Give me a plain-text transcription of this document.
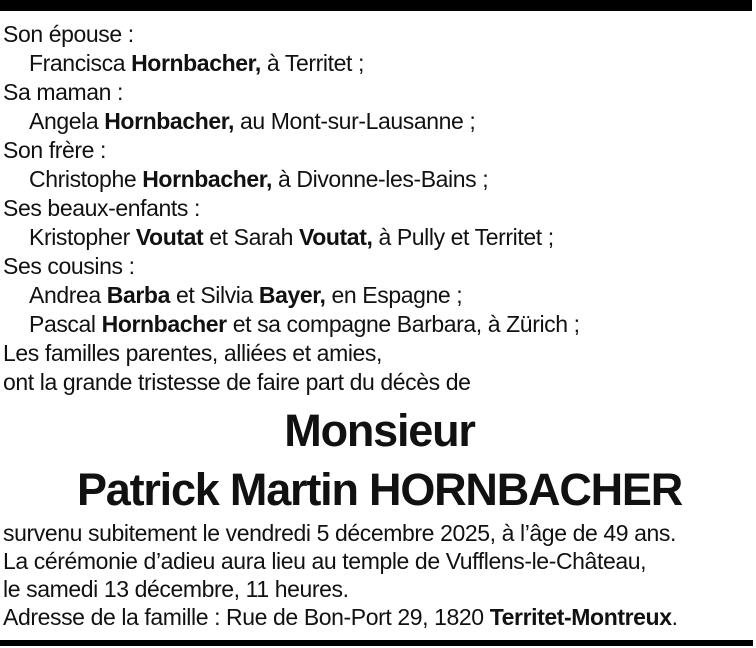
Son épouse :
Francisca Hornbacher, à Territet ;
Sa maman :
Angela Hornbacher, au Mont-sur-Lausanne ;
Son frère :
Christophe Hornbacher, à Divonne-les-Bains ;
Ses beaux-enfants :
Kristopher Voutat et Sarah Voutat, à Pully et Territet ;
Ses cousins :
Andrea Barba et Silvia Bayer, en Espagne ;
Pascal Hornbacher et sa compagne Barbara, à Zürich ;
Les familles parentes, alliées et amies,
ont la grande tristesse de faire part du décès de
Monsieur
Patrick Martin HORNBACHER
survenu subitement le vendredi 5 décembre 2025, à l’âge de 49 ans.
La cérémonie d’adieu aura lieu au temple de Vufflens-le-Château,
le samedi 13 décembre, 11 heures.
Adresse de la famille : Rue de Bon-Port 29, 1820 Territet-Montreux.
